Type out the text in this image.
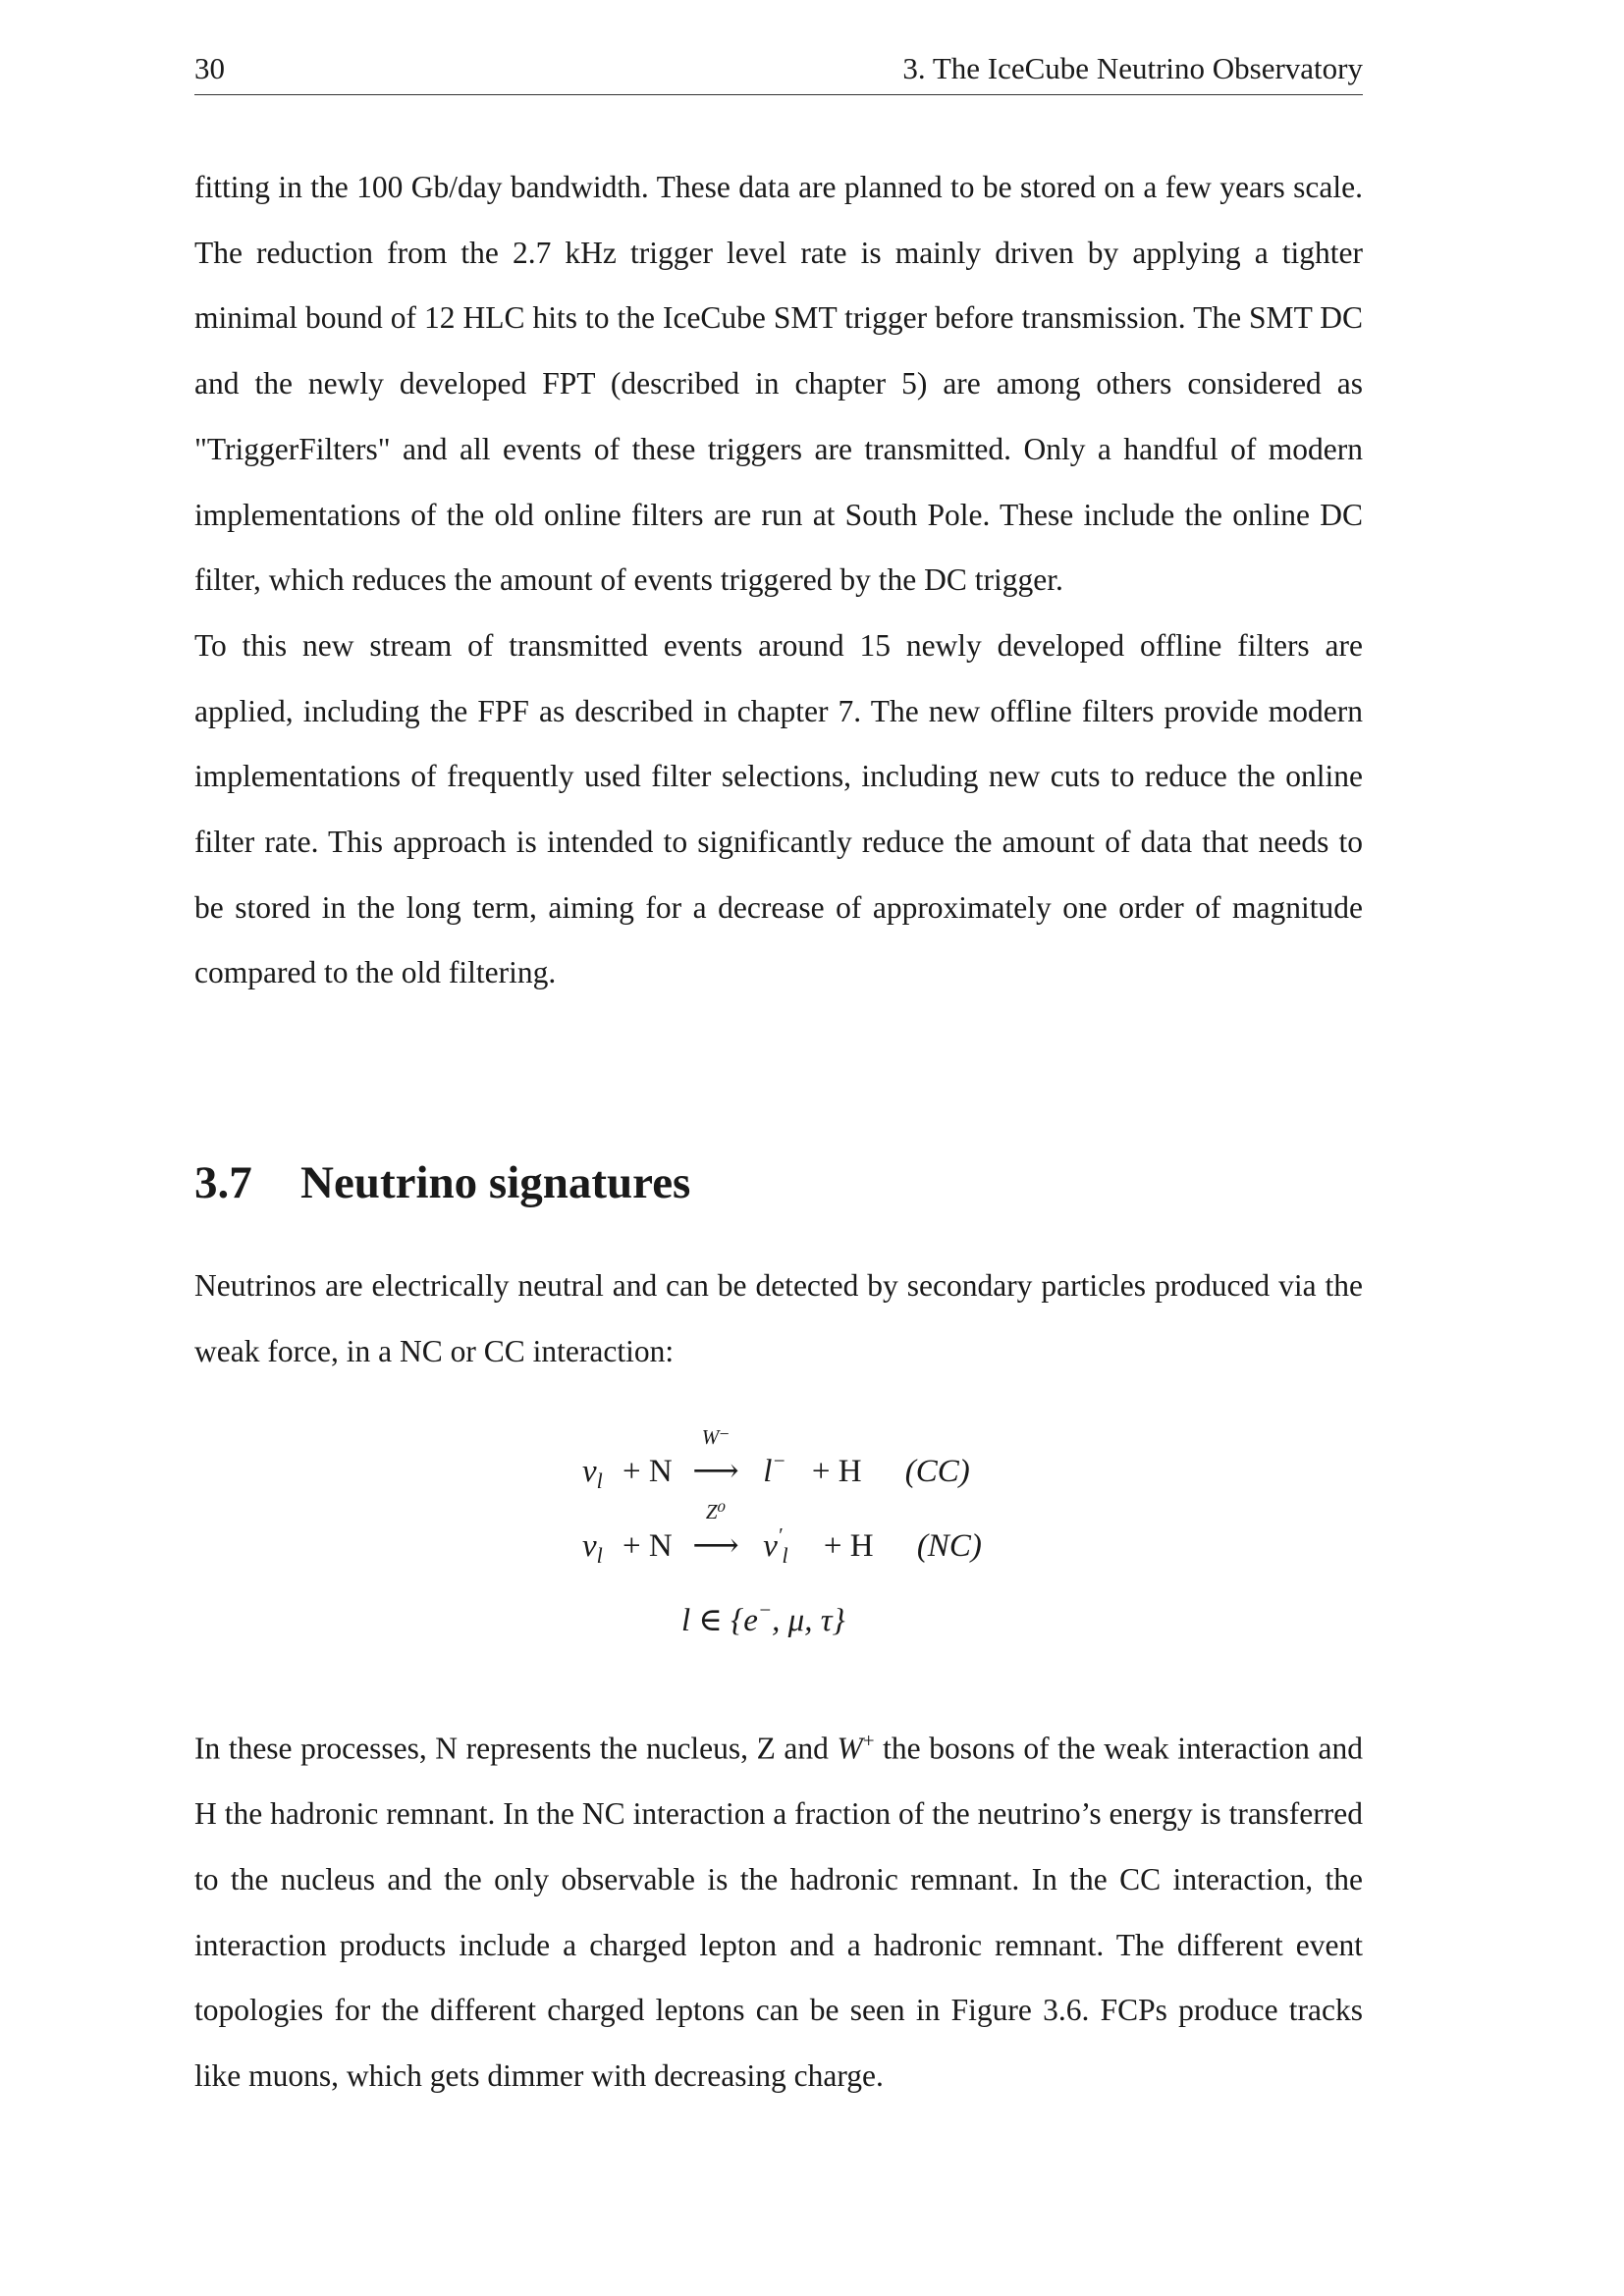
30	3. The IceCube Neutrino Observatory

fitting in the 100 Gb/day bandwidth. These data are planned to be stored on a few years scale. The reduction from the 2.7 kHz trigger level rate is mainly driven by applying a tighter minimal bound of 12 HLC hits to the IceCube SMT trigger before transmission. The SMT DC and the newly developed FPT (described in chapter 5) are among others considered as "TriggerFilters" and all events of these triggers are transmitted. Only a handful of modern implementations of the old online filters are run at South Pole. These include the online DC filter, which reduces the amount of events triggered by the DC trigger.

To this new stream of transmitted events around 15 newly developed offline filters are applied, including the FPF as described in chapter 7. The new offline filters provide modern implementations of frequently used filter selections, including new cuts to reduce the online filter rate. This approach is intended to significantly reduce the amount of data that needs to be stored in the long term, aiming for a decrease of approximately one order of magnitude compared to the old filtering.

3.7 Neutrino signatures

Neutrinos are electrically neutral and can be detected by secondary particles produced via the weak force, in a NC or CC interaction:

$\nu_l + N$
W⁻
⟶ l− + H (CC)
$\nu_l + N$
Z⁰
⟶ $\nu'_l + H$ (NC)
l ∈ {e−, μ, τ}

In these processes, N represents the nucleus, Z and W+ the bosons of the weak interaction and H the hadronic remnant. In the NC interaction a fraction of the neutrino’s energy is transferred to the nucleus and the only observable is the hadronic remnant. In the CC interaction, the interaction products include a charged lepton and a hadronic remnant. The different event topologies for the different charged leptons can be seen in Figure 3.6. FCPs produce tracks like muons, which gets dimmer with decreasing charge.
